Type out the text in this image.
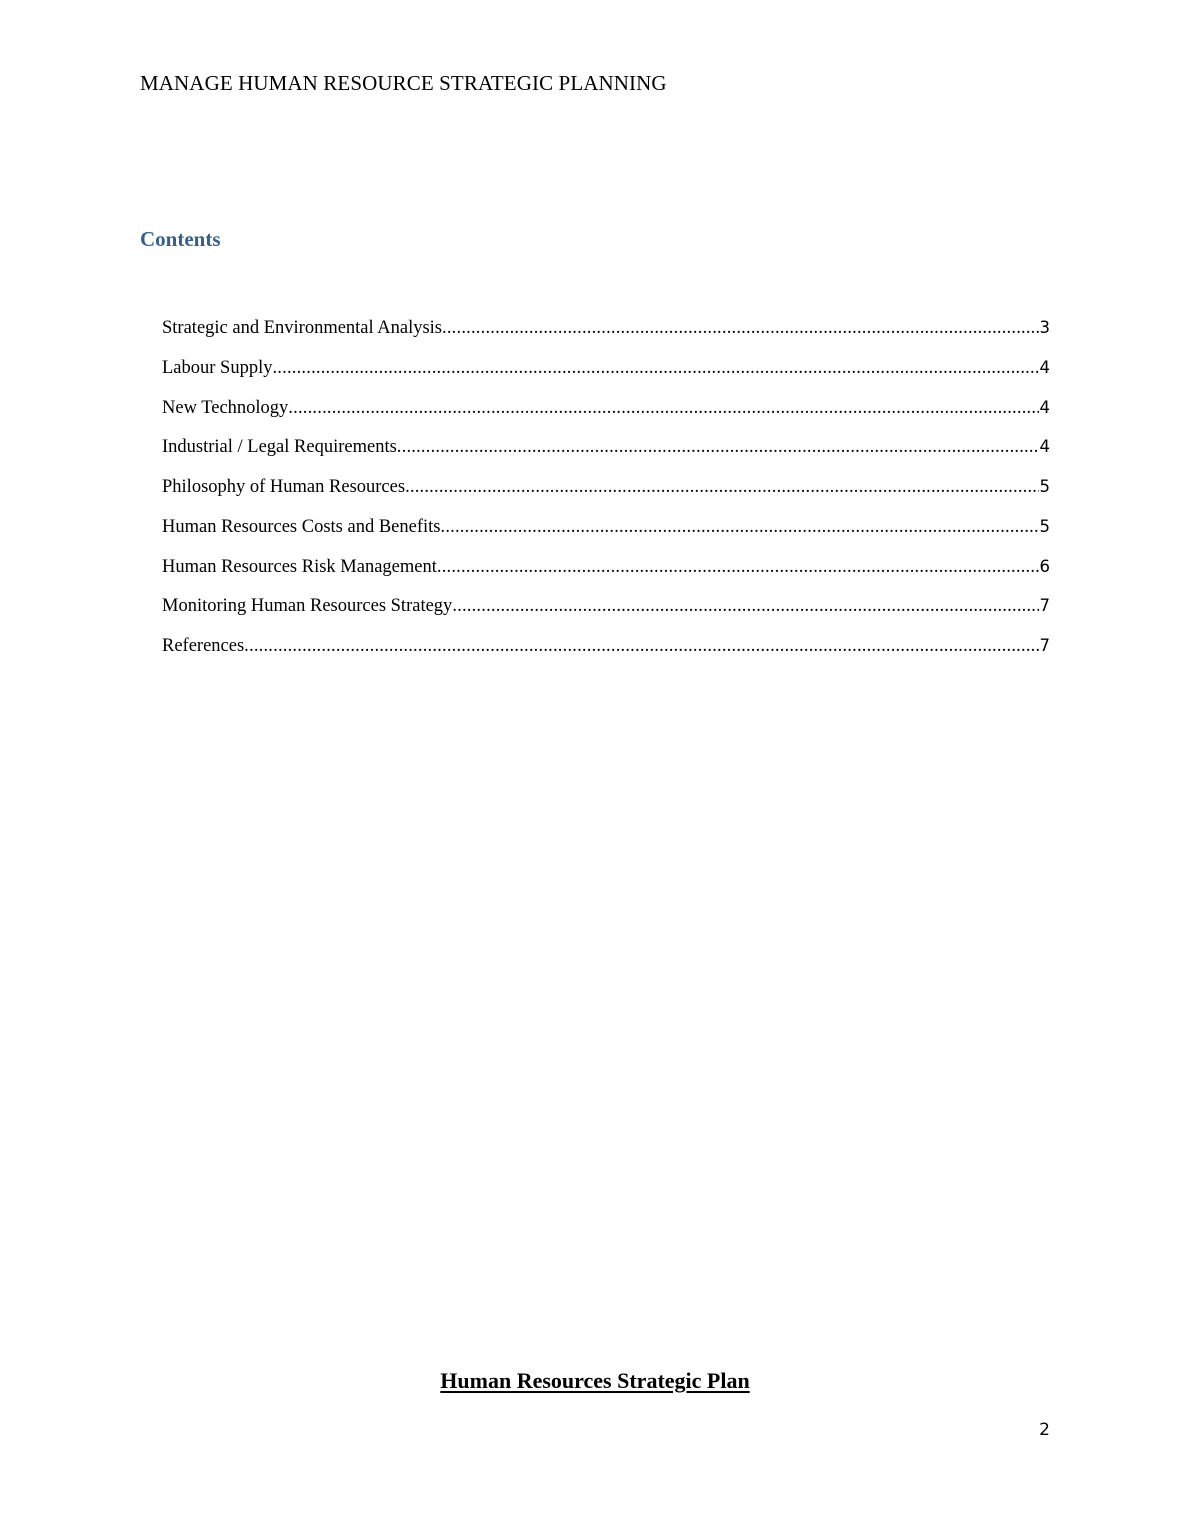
MANAGE HUMAN RESOURCE STRATEGIC PLANNING
Contents
Strategic and Environmental Analysis .....	3
Labour Supply .....	4
New Technology .....	4
Industrial / Legal Requirements .....	4
Philosophy of Human Resources .....	5
Human Resources Costs and Benefits .....	5
Human Resources Risk Management .....	6
Monitoring Human Resources Strategy .....	7
References .....	7
Human Resources Strategic Plan
2
